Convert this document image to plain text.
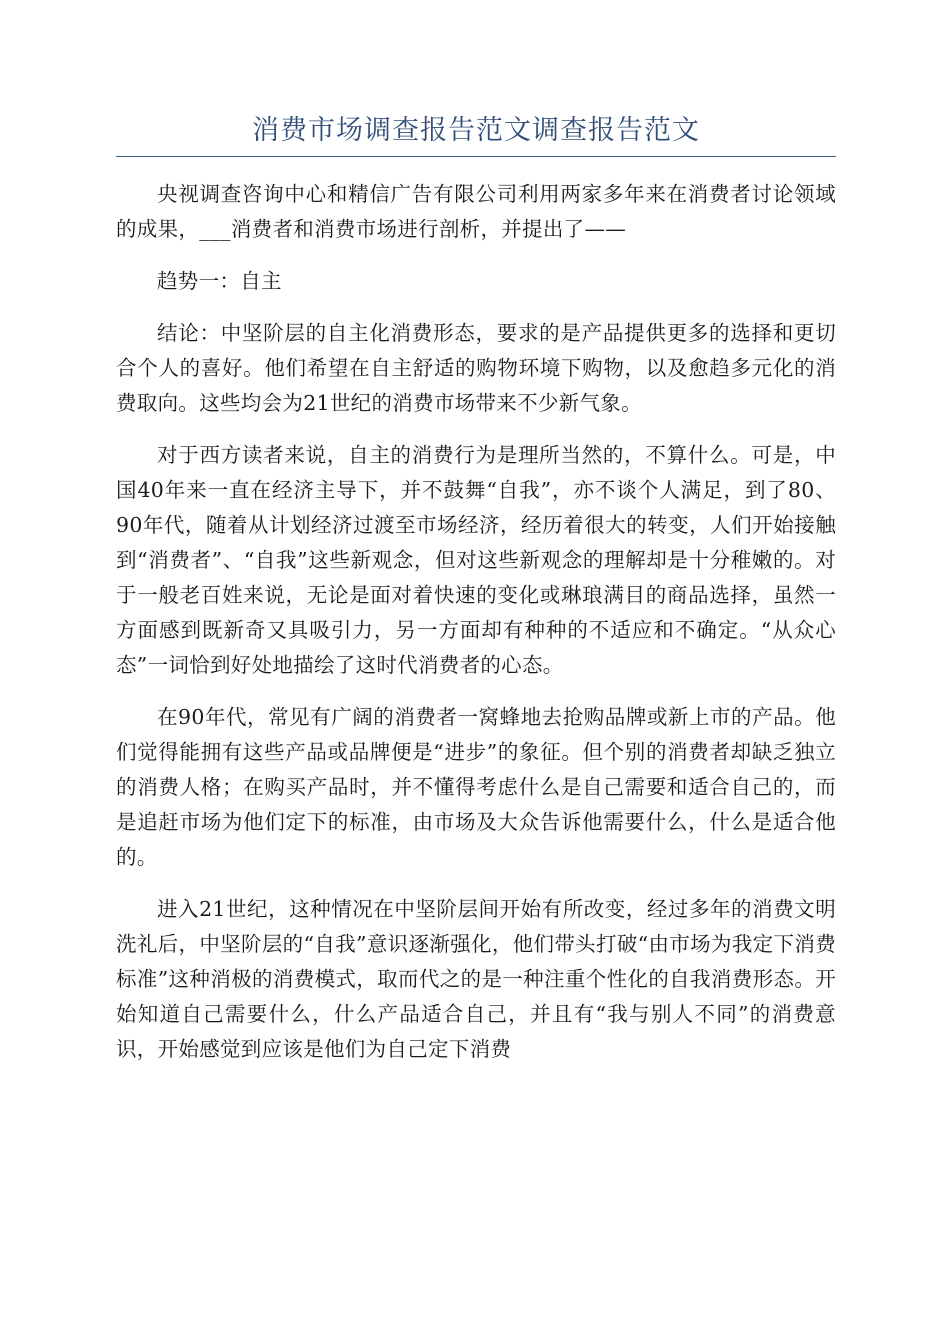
消费市场调查报告范文调查报告范文

央视调查咨询中心和精信广告有限公司利用两家多年来在消费者讨论领域的成果，___消费者和消费市场进行剖析，并提出了——

趋势一：自主

结论：中坚阶层的自主化消费形态，要求的是产品提供更多的选择和更切合个人的喜好。他们希望在自主舒适的购物环境下购物，以及愈趋多元化的消费取向。这些均会为21世纪的消费市场带来不少新气象。

对于西方读者来说，自主的消费行为是理所当然的，不算什么。可是，中国40年来一直在经济主导下，并不鼓舞“自我”，亦不谈个人满足，到了80、90年代，随着从计划经济过渡至市场经济，经历着很大的转变，人们开始接触到“消费者”、“自我”这些新观念，但对这些新观念的理解却是十分稚嫩的。对于一般老百姓来说，无论是面对着快速的变化或琳琅满目的商品选择，虽然一方面感到既新奇又具吸引力，另一方面却有种种的不适应和不确定。“从众心态”一词恰到好处地描绘了这时代消费者的心态。

在90年代，常见有广阔的消费者一窝蜂地去抢购品牌或新上市的产品。他们觉得能拥有这些产品或品牌便是“进步”的象征。但个别的消费者却缺乏独立的消费人格；在购买产品时，并不懂得考虑什么是自己需要和适合自己的，而是追赶市场为他们定下的标准，由市场及大众告诉他需要什么，什么是适合他的。

进入21世纪，这种情况在中坚阶层间开始有所改变，经过多年的消费文明洗礼后，中坚阶层的“自我”意识逐渐强化，他们带头打破“由市场为我定下消费标准”这种消极的消费模式，取而代之的是一种注重个性化的自我消费形态。开始知道自己需要什么，什么产品适合自己，并且有“我与别人不同”的消费意识，开始感觉到应该是他们为自己定下消费
